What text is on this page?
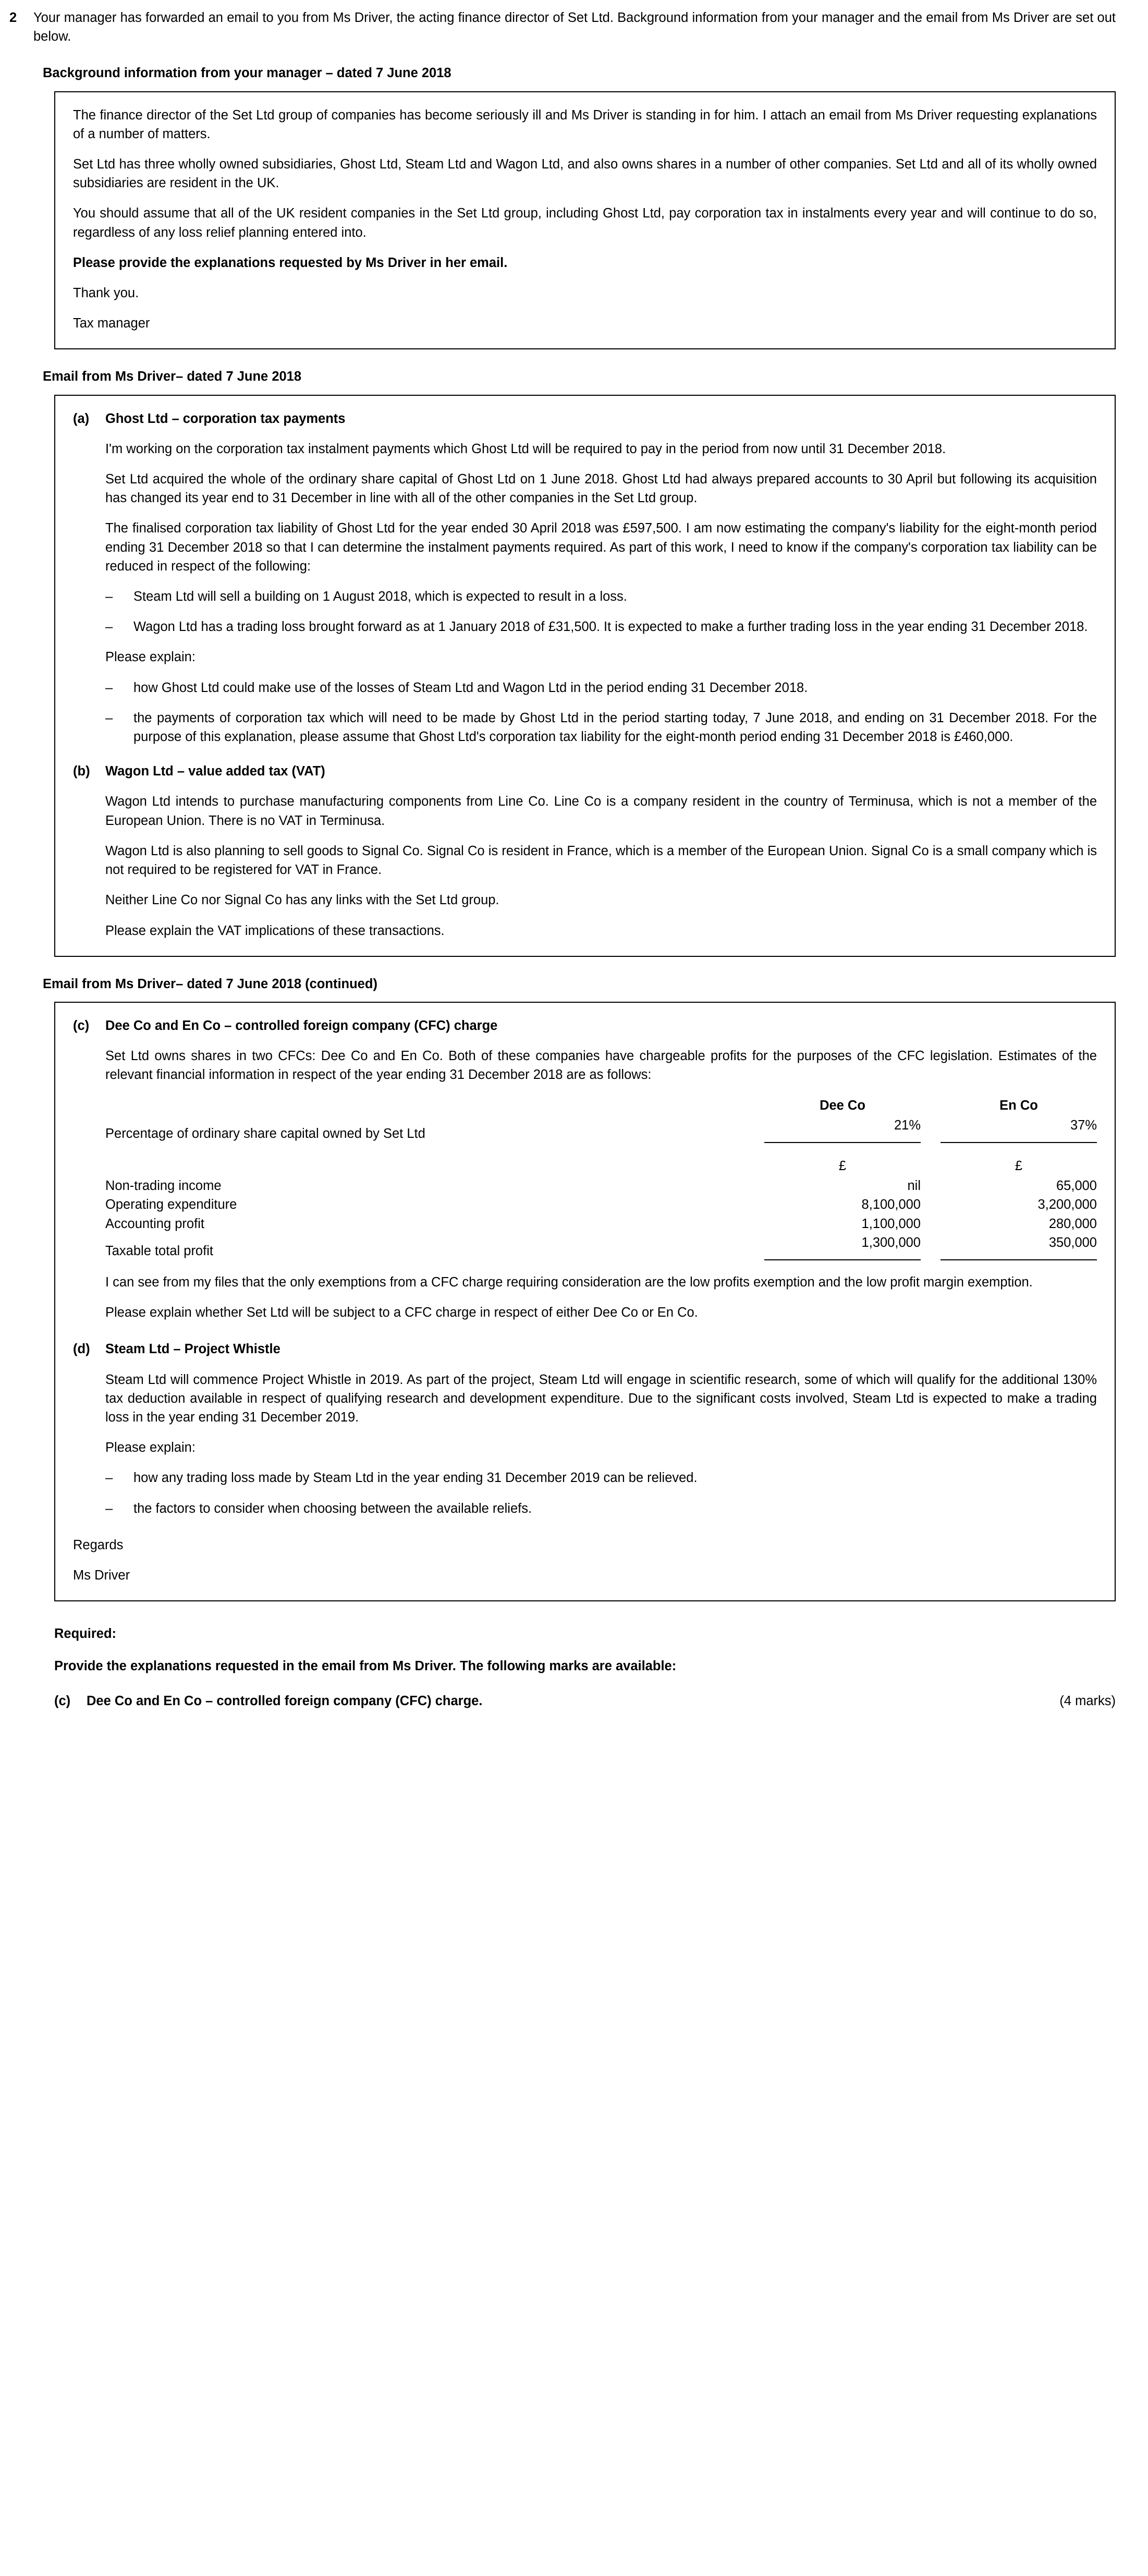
2	Your manager has forwarded an email to you from Ms Driver, the acting finance director of Set Ltd. Background information from your manager and the email from Ms Driver are set out below.
Background information from your manager – dated 7 June 2018
The finance director of the Set Ltd group of companies has become seriously ill and Ms Driver is standing in for him. I attach an email from Ms Driver requesting explanations of a number of matters.
Set Ltd has three wholly owned subsidiaries, Ghost Ltd, Steam Ltd and Wagon Ltd, and also owns shares in a number of other companies. Set Ltd and all of its wholly owned subsidiaries are resident in the UK.
You should assume that all of the UK resident companies in the Set Ltd group, including Ghost Ltd, pay corporation tax in instalments every year and will continue to do so, regardless of any loss relief planning entered into.
Please provide the explanations requested by Ms Driver in her email.
Thank you.
Tax manager
Email from Ms Driver– dated 7 June 2018
(a)	Ghost Ltd – corporation tax payments
I'm working on the corporation tax instalment payments which Ghost Ltd will be required to pay in the period from now until 31 December 2018.
Set Ltd acquired the whole of the ordinary share capital of Ghost Ltd on 1 June 2018. Ghost Ltd had always prepared accounts to 30 April but following its acquisition has changed its year end to 31 December in line with all of the other companies in the Set Ltd group.
The finalised corporation tax liability of Ghost Ltd for the year ended 30 April 2018 was £597,500. I am now estimating the company's liability for the eight-month period ending 31 December 2018 so that I can determine the instalment payments required. As part of this work, I need to know if the company's corporation tax liability can be reduced in respect of the following:
–	Steam Ltd will sell a building on 1 August 2018, which is expected to result in a loss.
–	Wagon Ltd has a trading loss brought forward as at 1 January 2018 of £31,500. It is expected to make a further trading loss in the year ending 31 December 2018.
Please explain:
–	how Ghost Ltd could make use of the losses of Steam Ltd and Wagon Ltd in the period ending 31 December 2018.
–	the payments of corporation tax which will need to be made by Ghost Ltd in the period starting today, 7 June 2018, and ending on 31 December 2018. For the purpose of this explanation, please assume that Ghost Ltd's corporation tax liability for the eight-month period ending 31 December 2018 is £460,000.
(b)	Wagon Ltd – value added tax (VAT)
Wagon Ltd intends to purchase manufacturing components from Line Co. Line Co is a company resident in the country of Terminusa, which is not a member of the European Union. There is no VAT in Terminusa.
Wagon Ltd is also planning to sell goods to Signal Co. Signal Co is resident in France, which is a member of the European Union. Signal Co is a small company which is not required to be registered for VAT in France.
Neither Line Co nor Signal Co has any links with the Set Ltd group.
Please explain the VAT implications of these transactions.
Email from Ms Driver– dated 7 June 2018 (continued)
(c)	Dee Co and En Co – controlled foreign company (CFC) charge
Set Ltd owns shares in two CFCs: Dee Co and En Co. Both of these companies have chargeable profits for the purposes of the CFC legislation. Estimates of the relevant financial information in respect of the year ending 31 December 2018 are as follows:
	Dee Co	En Co
Percentage of ordinary share capital owned by Set Ltd	21%	37%

	£	£
Non-trading income	nil	65,000
Operating expenditure	8,100,000	3,200,000
Accounting profit	1,100,000	280,000
Taxable total profit	1,300,000	350,000
I can see from my files that the only exemptions from a CFC charge requiring consideration are the low profits exemption and the low profit margin exemption.
Please explain whether Set Ltd will be subject to a CFC charge in respect of either Dee Co or En Co.
(d)	Steam Ltd – Project Whistle
Steam Ltd will commence Project Whistle in 2019. As part of the project, Steam Ltd will engage in scientific research, some of which will qualify for the additional 130% tax deduction available in respect of qualifying research and development expenditure. Due to the significant costs involved, Steam Ltd is expected to make a trading loss in the year ending 31 December 2019.
Please explain:
–	how any trading loss made by Steam Ltd in the year ending 31 December 2019 can be relieved.
–	the factors to consider when choosing between the available reliefs.
Regards
Ms Driver
Required:
Provide the explanations requested in the email from Ms Driver. The following marks are available:
(c)	Dee Co and En Co – controlled foreign company (CFC) charge.	(4 marks)
